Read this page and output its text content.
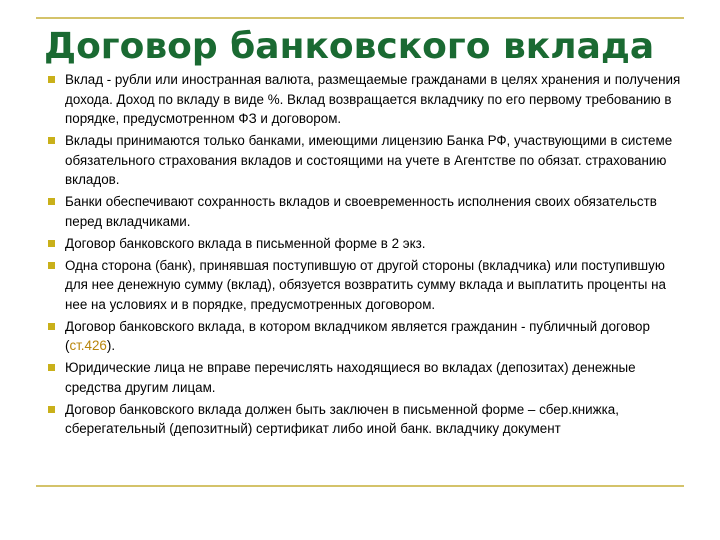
Договор банковского вклада
Вклад - рубли или иностранная валюта, размещаемые гражданами в целях хранения и получения дохода. Доход по вкладу в виде %. Вклад возвращается вкладчику по его первому требованию в порядке, предусмотренном ФЗ и договором.
Вклады принимаются только банками, имеющими лицензию Банка РФ, участвующими в системе обязательного страхования вкладов и состоящими на учете в Агентстве по обязат. страхованию вкладов.
Банки обеспечивают сохранность вкладов и своевременность исполнения своих обязательств перед вкладчиками.
Договор банковского вклада в письменной форме в 2 экз.
Одна сторона (банк), принявшая поступившую от другой стороны (вкладчика) или поступившую для нее денежную сумму (вклад), обязуется возвратить сумму вклада и выплатить проценты на нее на условиях и в порядке, предусмотренных договором.
Договор банковского вклада, в котором вкладчиком является гражданин - публичный договор (ст.426).
Юридические лица не вправе перечислять находящиеся во вкладах (депозитах) денежные средства другим лицам.
Договор банковского вклада должен быть заключен в письменной форме – сбер.книжка, сберегательный (депозитный) сертификат либо иной банк. вкладчику документ
